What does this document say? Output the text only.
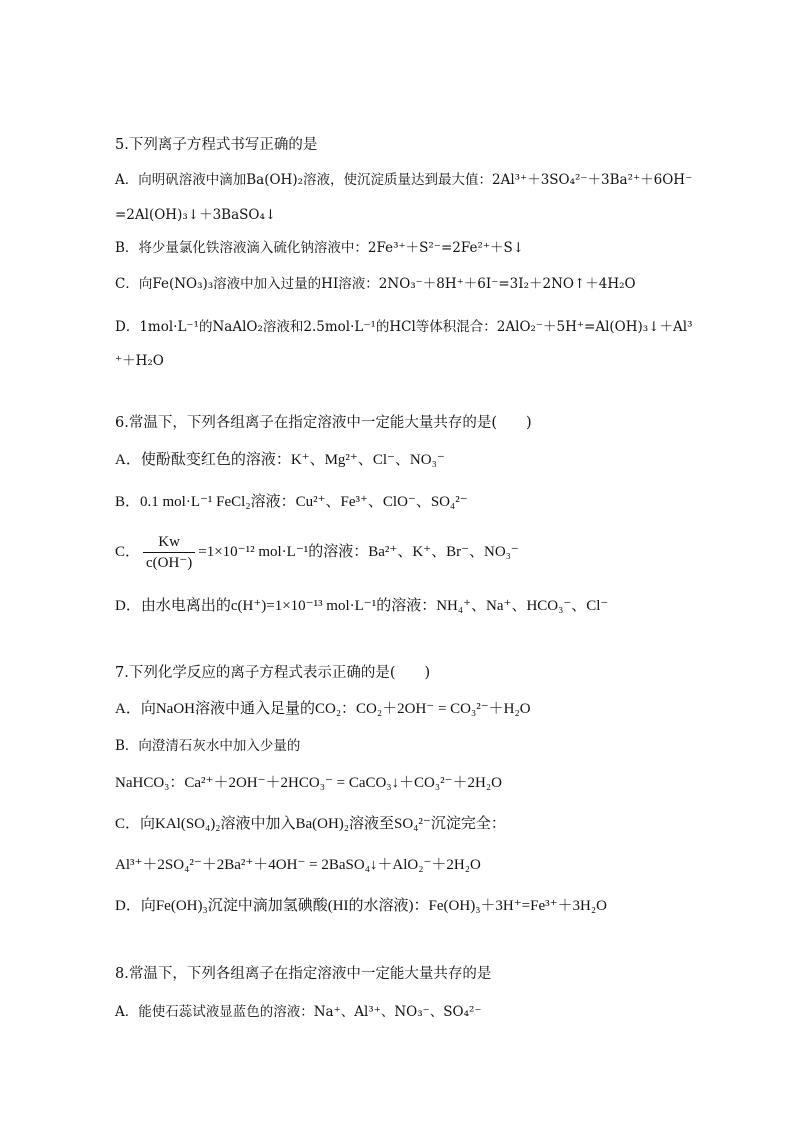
5.下列离子方程式书写正确的是
A．向明矾溶液中滴加Ba(OH)₂溶液，使沉淀质量达到最大值：2Al³⁺＋3SO₄²⁻＋3Ba²⁺＋6OH⁻
=2Al(OH)₃↓＋3BaSO₄↓
B．将少量氯化铁溶液滴入硫化钠溶液中：2Fe³⁺＋S²⁻=2Fe²⁺＋S↓
C．向Fe(NO₃)₃溶液中加入过量的HI溶液：2NO₃⁻＋8H⁺＋6I⁻=3I₂＋2NO↑＋4H₂O
D．1mol·L⁻¹的NaAlO₂溶液和2.5mol·L⁻¹的HCl等体积混合：2AlO₂⁻＋5H⁺=Al(OH)₃↓＋Al³
⁺＋H₂O
6.常温下，下列各组离子在指定溶液中一定能大量共存的是(　　)
A．使酚酞变红色的溶液：K⁺、Mg²⁺、Cl⁻、NO₃⁻
B．0.1 mol·L⁻¹ FeCl₂溶液：Cu²⁺、Fe³⁺、ClO⁻、SO₄²⁻
C． $\frac{Kw}{c(OH^-)} =1\times 10^{-12}$ mol·L⁻¹的溶液：Ba²⁺、K⁺、Br⁻、NO₃⁻
D．由水电离出的c(H⁺)=1×10⁻¹³ mol·L⁻¹的溶液：NH₄⁺、Na⁺、HCO₃⁻、Cl⁻
7.下列化学反应的离子方程式表示正确的是(　　)
A．向NaOH溶液中通入足量的CO₂：CO₂＋2OH⁻ = CO₃²⁻＋H₂O
B．向澄清石灰水中加入少量的
NaHCO₃：Ca²⁺＋2OH⁻＋2HCO₃⁻ = CaCO₃↓＋CO₃²⁻＋2H₂O
C．向KAl(SO₄)₂溶液中加入Ba(OH)₂溶液至SO₄²⁻沉淀完全：
Al³⁺＋2SO₄²⁻＋2Ba²⁺＋4OH⁻ = 2BaSO₄↓＋AlO₂⁻＋2H₂O
D．向Fe(OH)₃沉淀中滴加氢碘酸(HI的水溶液)：Fe(OH)₃＋3H⁺=Fe³⁺＋3H₂O
8.常温下，下列各组离子在指定溶液中一定能大量共存的是
A．能使石蕊试液显蓝色的溶液：Na⁺、Al³⁺、NO₃⁻、SO₄²⁻
